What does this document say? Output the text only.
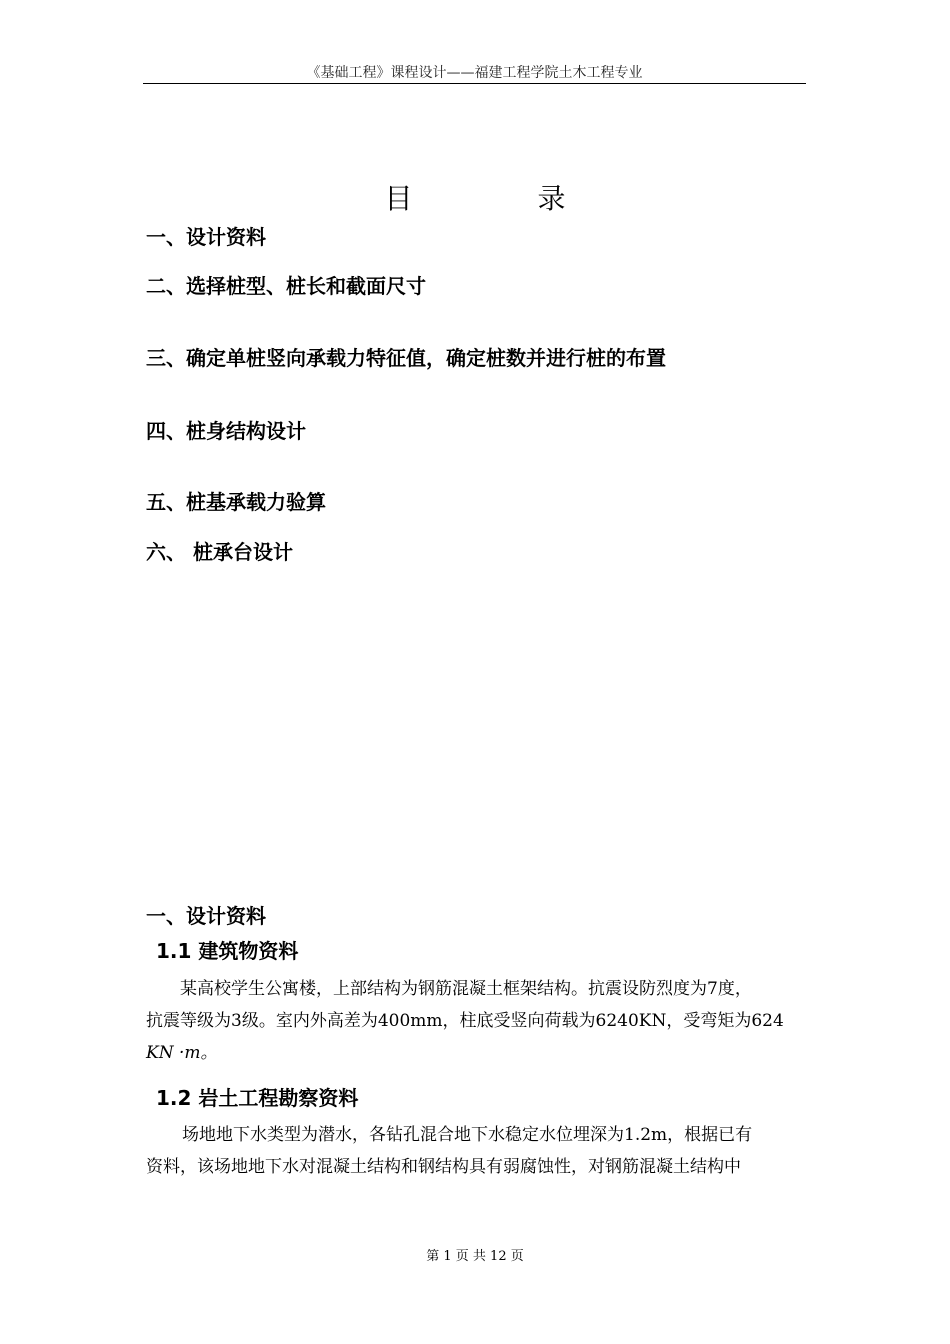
《基础工程》课程设计——福建工程学院土木工程专业
目 录
一、设计资料
二、选择桩型、桩长和截面尺寸
三、确定单桩竖向承载力特征值，确定桩数并进行桩的布置
四、桩身结构设计
五、桩基承载力验算
六、 桩承台设计
一、设计资料
1.1 建筑物资料
某高校学生公寓楼，上部结构为钢筋混凝土框架结构。抗震设防烈度为7度，
抗震等级为3级。室内外高差为400mm，柱底受竖向荷载为6240KN，受弯矩为624
KN ·m。
1.2 岩土工程勘察资料
场地地下水类型为潜水，各钻孔混合地下水稳定水位埋深为1.2m，根据已有
资料，该场地地下水对混凝土结构和钢结构具有弱腐蚀性，对钢筋混凝土结构中
第 1 页 共 12 页
